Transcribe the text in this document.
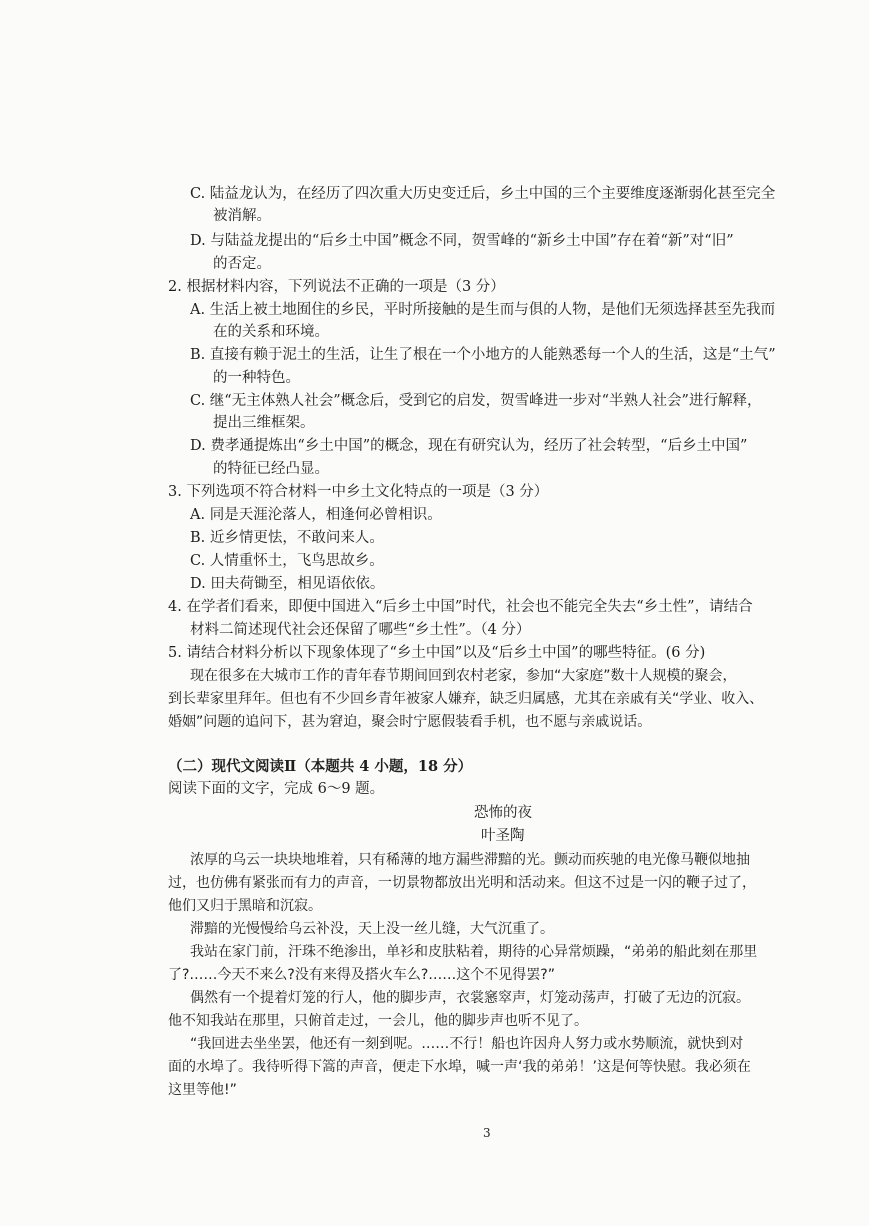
C. 陆益龙认为，在经历了四次重大历史变迁后，乡土中国的三个主要维度逐渐弱化甚至完全
被消解。
D. 与陆益龙提出的“后乡土中国”概念不同，贺雪峰的“新乡土中国”存在着“新”对“旧”
的否定。
2. 根据材料内容，下列说法不正确的一项是（3 分）
A. 生活上被土地囿住的乡民，平时所接触的是生而与俱的人物，是他们无须选择甚至先我而
在的关系和环境。
B. 直接有赖于泥土的生活，让生了根在一个小地方的人能熟悉每一个人的生活，这是“土气”
的一种特色。
C. 继“无主体熟人社会”概念后，受到它的启发，贺雪峰进一步对“半熟人社会”进行解释，
提出三维框架。
D. 费孝通提炼出“乡土中国”的概念，现在有研究认为，经历了社会转型，“后乡土中国”
的特征已经凸显。
3. 下列选项不符合材料一中乡土文化特点的一项是（3 分）
A. 同是天涯沦落人，相逢何必曾相识。
B. 近乡情更怯，不敢问来人。
C. 人情重怀土，飞鸟思故乡。
D. 田夫荷锄至，相见语依依。
4. 在学者们看来，即便中国进入“后乡土中国”时代，社会也不能完全失去“乡土性”，请结合
材料二简述现代社会还保留了哪些“乡土性”。（4 分）
5. 请结合材料分析以下现象体现了“乡土中国”以及“后乡土中国”的哪些特征。(6 分)
现在很多在大城市工作的青年春节期间回到农村老家，参加“大家庭”数十人规模的聚会，
到长辈家里拜年。但也有不少回乡青年被家人嫌弃，缺乏归属感，尤其在亲戚有关“学业、收入、
婚姻”问题的追问下，甚为窘迫，聚会时宁愿假装看手机，也不愿与亲戚说话。
（二）现代文阅读Ⅱ（本题共 4 小题，18 分）
阅读下面的文字，完成 6～9 题。
恐怖的夜
叶圣陶
浓厚的乌云一块块地堆着，只有稀薄的地方漏些滞黯的光。颤动而疾驰的电光像马鞭似地抽
过，也仿佛有紧张而有力的声音，一切景物都放出光明和活动来。但这不过是一闪的鞭子过了，
他们又归于黑暗和沉寂。
滞黯的光慢慢给乌云补没，天上没一丝儿缝，大气沉重了。
我站在家门前，汗珠不绝渗出，单衫和皮肤粘着，期待的心异常烦躁，“弟弟的船此刻在那里
了?……今天不来么?没有来得及搭火车么?……这个不见得罢?”
偶然有一个提着灯笼的行人，他的脚步声，衣裳窸窣声，灯笼动荡声，打破了无边的沉寂。
他不知我站在那里，只俯首走过，一会儿，他的脚步声也听不见了。
“我回进去坐坐罢，他还有一刻到呢。……不行！船也许因舟人努力或水势顺流，就快到对
面的水埠了。我待听得下篙的声音，便走下水埠，喊一声‘我的弟弟！’这是何等快慰。我必须在
这里等他!”
3
